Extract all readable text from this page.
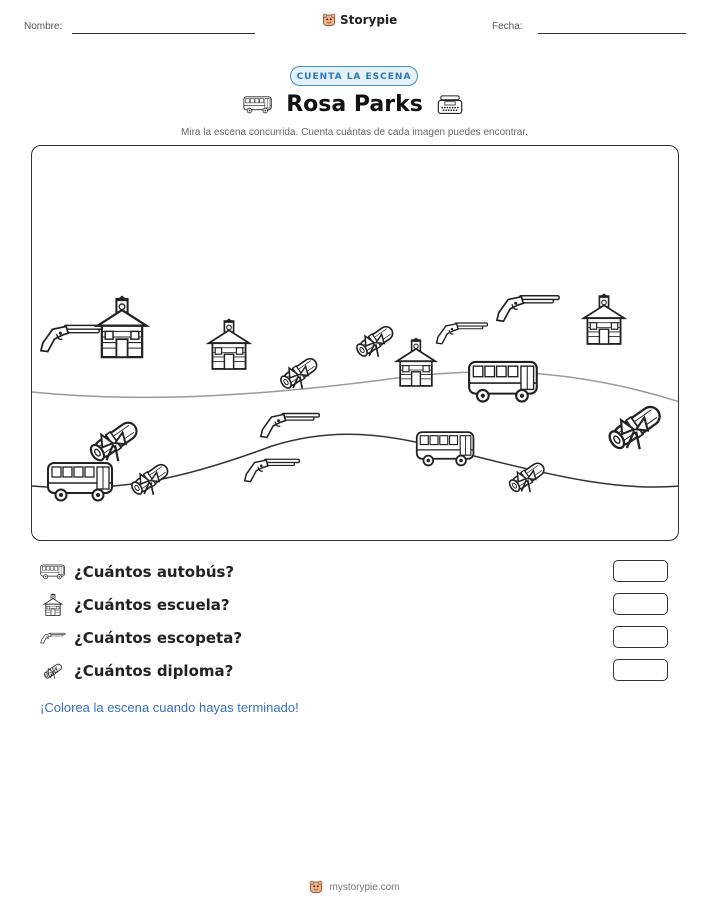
Nombre:	Storypie	Fecha:
CUENTA LA ESCENA
Rosa Parks
Mira la escena concurrida. Cuenta cuántas de cada imagen puedes encontrar.
¿Cuántos autobús?
¿Cuántos escuela?
¿Cuántos escopeta?
¿Cuántos diploma?
¡Colorea la escena cuando hayas terminado!
mystorypie.com
